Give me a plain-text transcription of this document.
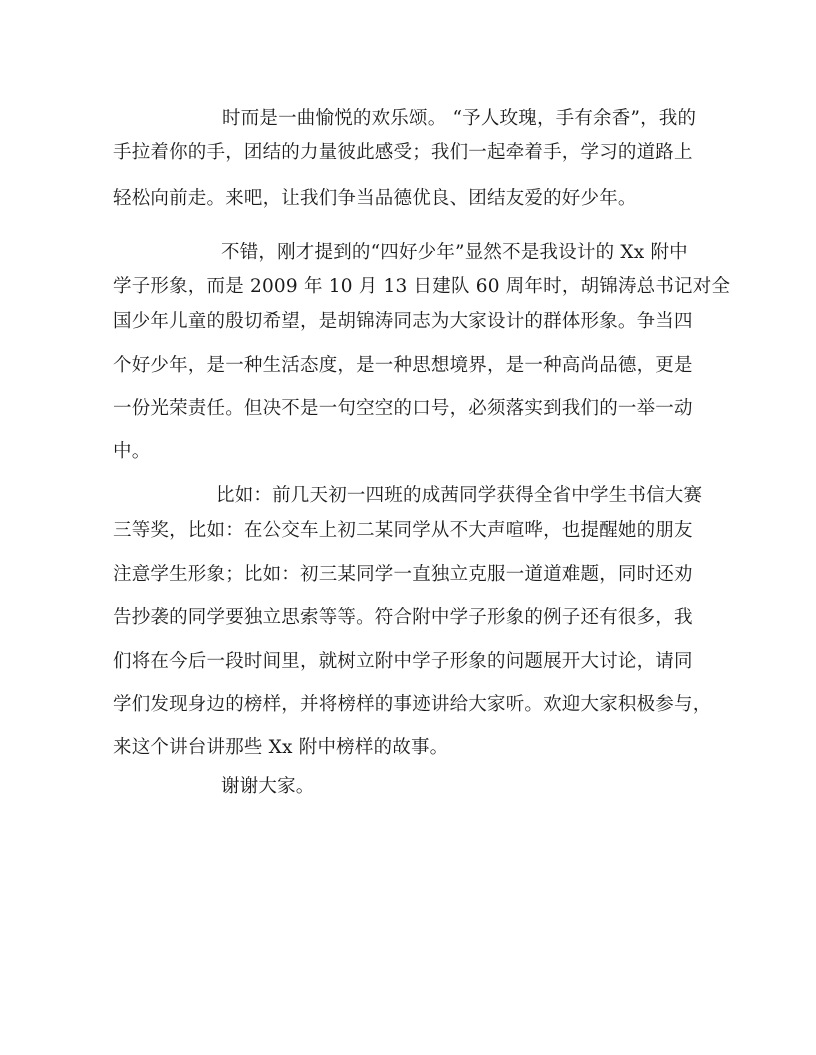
时而是一曲愉悦的欢乐颂。 “予人玫瑰，手有余香”，我的
手拉着你的手，团结的力量彼此感受；我们一起牵着手，学习的道路上
轻松向前走。来吧，让我们争当品德优良、团结友爱的好少年。
不错，刚才提到的“四好少年”显然不是我设计的 Xx 附中
学子形象，而是 2009 年 10 月 13 日建队 60 周年时，胡锦涛总书记对全
国少年儿童的殷切希望，是胡锦涛同志为大家设计的群体形象。争当四
个好少年，是一种生活态度，是一种思想境界，是一种高尚品德，更是
一份光荣责任。但决不是一句空空的口号，必须落实到我们的一举一动
中。
比如：前几天初一四班的成茜同学获得全省中学生书信大赛
三等奖，比如：在公交车上初二某同学从不大声喧哗，也提醒她的朋友
注意学生形象；比如：初三某同学一直独立克服一道道难题，同时还劝
告抄袭的同学要独立思索等等。符合附中学子形象的例子还有很多，我
们将在今后一段时间里，就树立附中学子形象的问题展开大讨论，请同
学们发现身边的榜样，并将榜样的事迹讲给大家听。欢迎大家积极参与，
来这个讲台讲那些 Xx 附中榜样的故事。
谢谢大家。
